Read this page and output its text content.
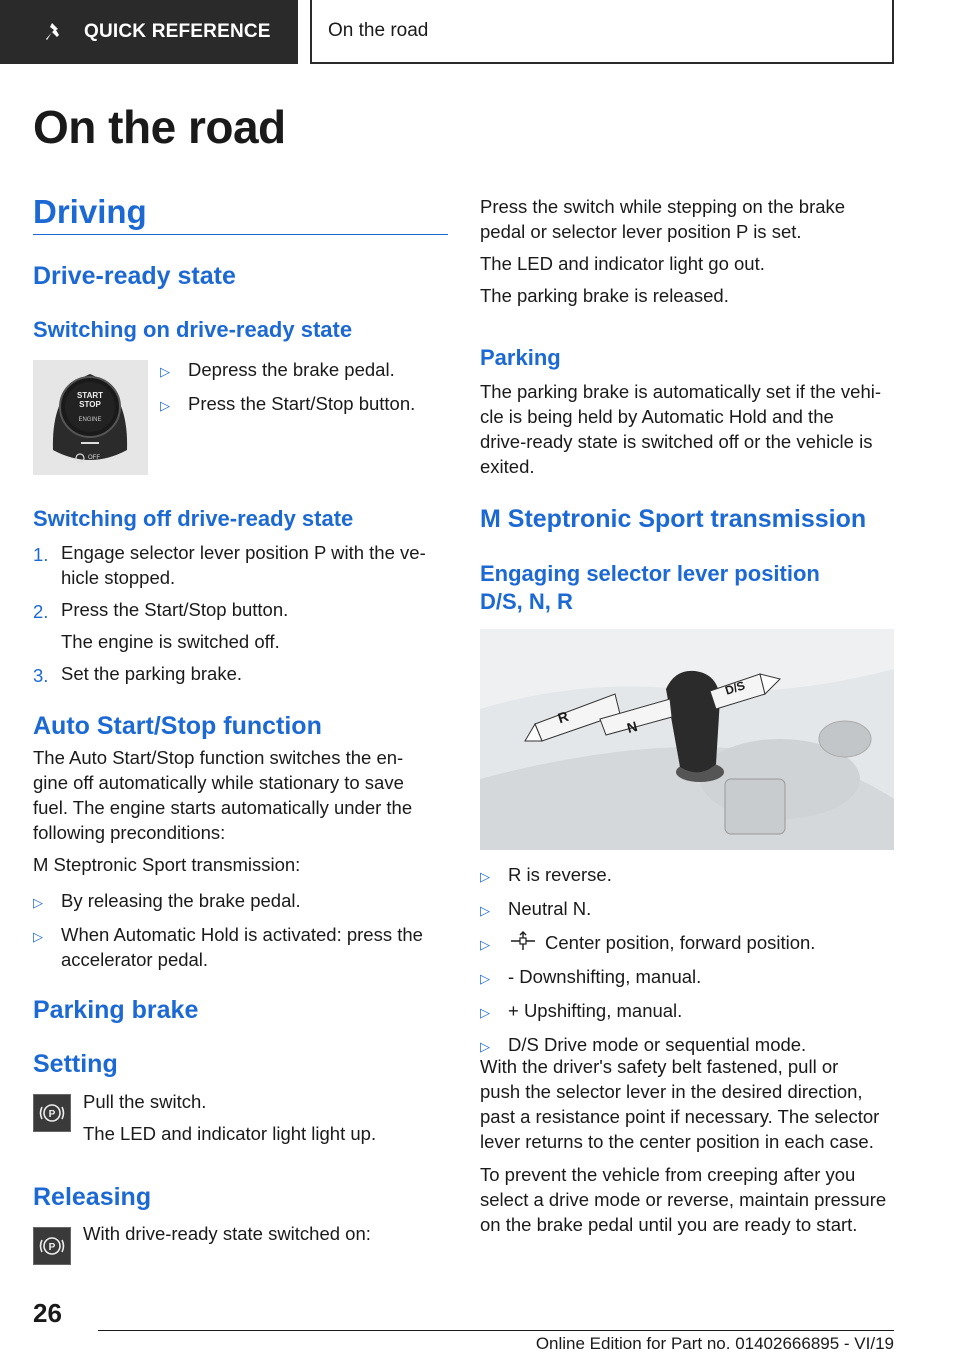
QUICK REFERENCE	On the road
On the road
Driving
Drive-ready state
Switching on drive-ready state
START
STOP
ENGINE
OFF
▷ Depress the brake pedal.
▷ Press the Start/Stop button.
Switching off drive-ready state
1. Engage selector lever position P with the ve‐
hicle stopped.
2. Press the Start/Stop button.
The engine is switched off.
3. Set the parking brake.
Auto Start/Stop function
The Auto Start/Stop function switches the en‐
gine off automatically while stationary to save
fuel. The engine starts automatically under the
following preconditions:
M Steptronic Sport transmission:
▷ By releasing the brake pedal.
▷ When Automatic Hold is activated: press the
accelerator pedal.
Parking brake
Setting
P
Pull the switch.
The LED and indicator light light up.
Releasing
P
With drive-ready state switched on:
Press the switch while stepping on the brake
pedal or selector lever position P is set.
The LED and indicator light go out.
The parking brake is released.
Parking
The parking brake is automatically set if the vehi‐
cle is being held by Automatic Hold and the
drive-ready state is switched off or the vehicle is
exited.
M Steptronic Sport transmission
Engaging selector lever position
D/S, N, R
R
N
D/S
▷ R is reverse.
▷ Neutral N.
▷	Center position, forward position.
▷ - Downshifting, manual.
▷ + Upshifting, manual.
▷ D/S Drive mode or sequential mode.
With the driver's safety belt fastened, pull or
push the selector lever in the desired direction,
past a resistance point if necessary. The selector
lever returns to the center position in each case.
To prevent the vehicle from creeping after you
select a drive mode or reverse, maintain pressure
on the brake pedal until you are ready to start.
26
Online Edition for Part no. 01402666895 - VI/19
